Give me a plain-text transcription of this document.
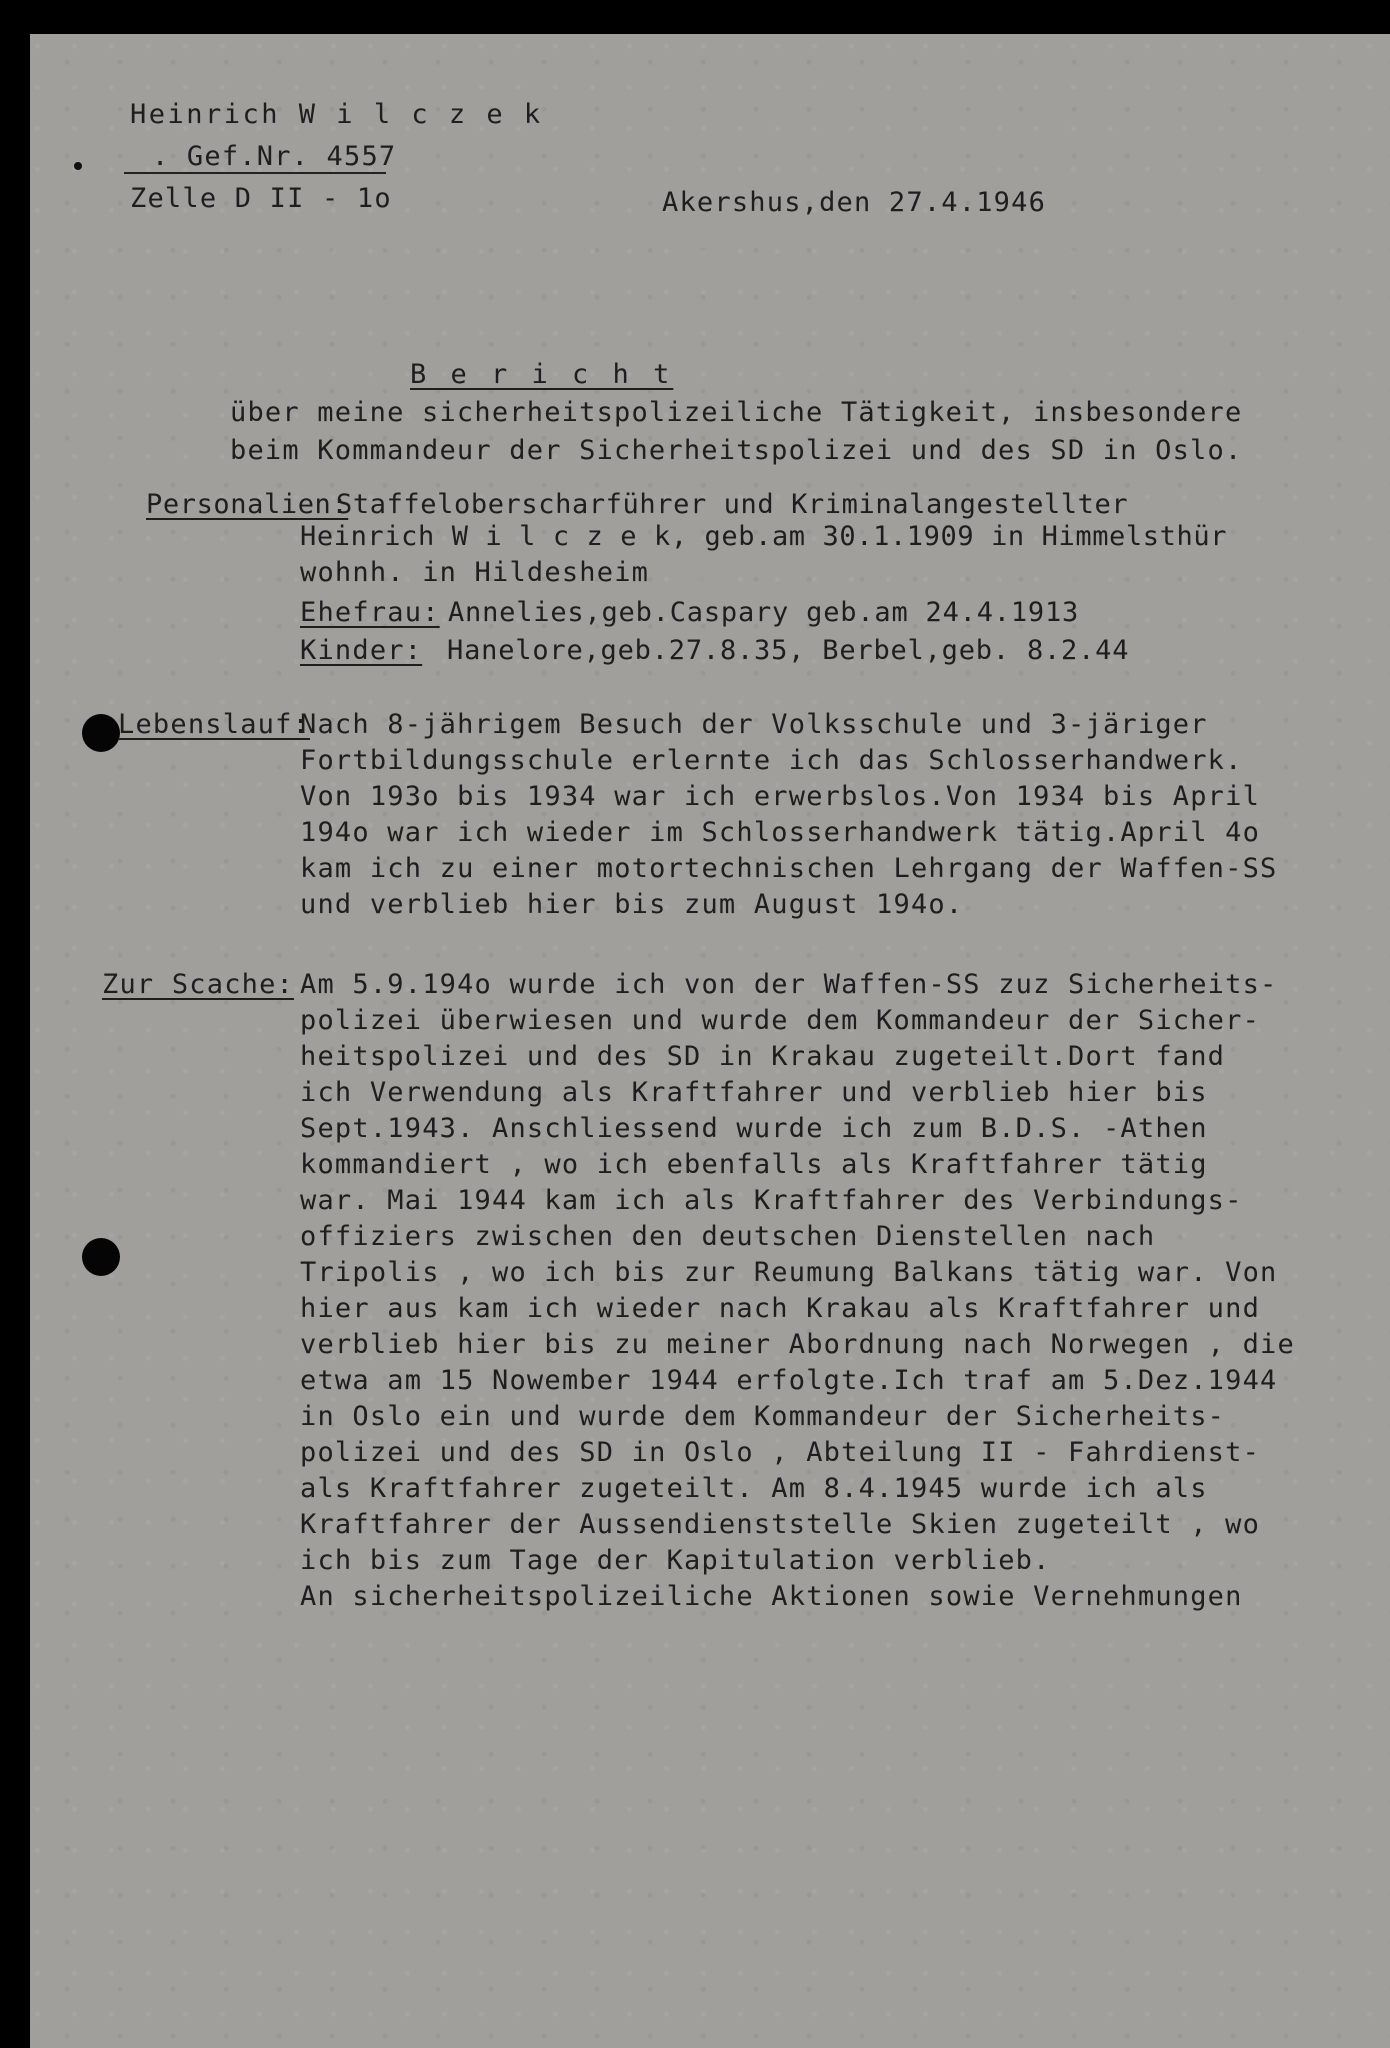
Heinrich W i l c z e k
. Gef.Nr. 4557
Zelle D II - 1o	Akershus,den 27.4.1946
B e r i c h t
über meine sicherheitspolizeiliche Tätigkeit, insbesondere
beim Kommandeur der Sicherheitspolizei und des SD in Oslo.
Personalien:
Staffeloberscharführer und Kriminalangestellter
Heinrich W i l c z e k, geb.am 30.1.1909 in Himmelsthür
wohnh. in Hildesheim
Ehefrau: Annelies,geb.Caspary geb.am 24.4.1913
Kinder: Hanelore,geb.27.8.35, Berbel,geb. 8.2.44
Lebenslauf:
Nach 8-jährigem Besuch der Volksschule und 3-järiger
Fortbildungsschule erlernte ich das Schlosserhandwerk.
Von 193o bis 1934 war ich erwerbslos.Von 1934 bis April
194o war ich wieder im Schlosserhandwerk tätig.April 4o
kam ich zu einer motortechnischen Lehrgang der Waffen-SS
und verblieb hier bis zum August 194o.
Zur Scache: Am 5.9.194o wurde ich von der Waffen-SS zuz Sicherheits-
polizei überwiesen und wurde dem Kommandeur der Sicher-
heitspolizei und des SD in Krakau zugeteilt.Dort fand
ich Verwendung als Kraftfahrer und verblieb hier bis
Sept.1943. Anschliessend wurde ich zum B.D.S. -Athen
kommandiert , wo ich ebenfalls als Kraftfahrer tätig
war. Mai 1944 kam ich als Kraftfahrer des Verbindungs-
offiziers zwischen den deutschen Dienstellen nach
Tripolis , wo ich bis zur Reumung Balkans tätig war. Von
hier aus kam ich wieder nach Krakau als Kraftfahrer und
verblieb hier bis zu meiner Abordnung nach Norwegen , die
etwa am 15 Nowember 1944 erfolgte.Ich traf am 5.Dez.1944
in Oslo ein und wurde dem Kommandeur der Sicherheits-
polizei und des SD in Oslo , Abteilung II - Fahrdienst-
als Kraftfahrer zugeteilt. Am 8.4.1945 wurde ich als
Kraftfahrer der Aussendienststelle Skien zugeteilt , wo
ich bis zum Tage der Kapitulation verblieb.
An sicherheitspolizeiliche Aktionen sowie Vernehmungen
